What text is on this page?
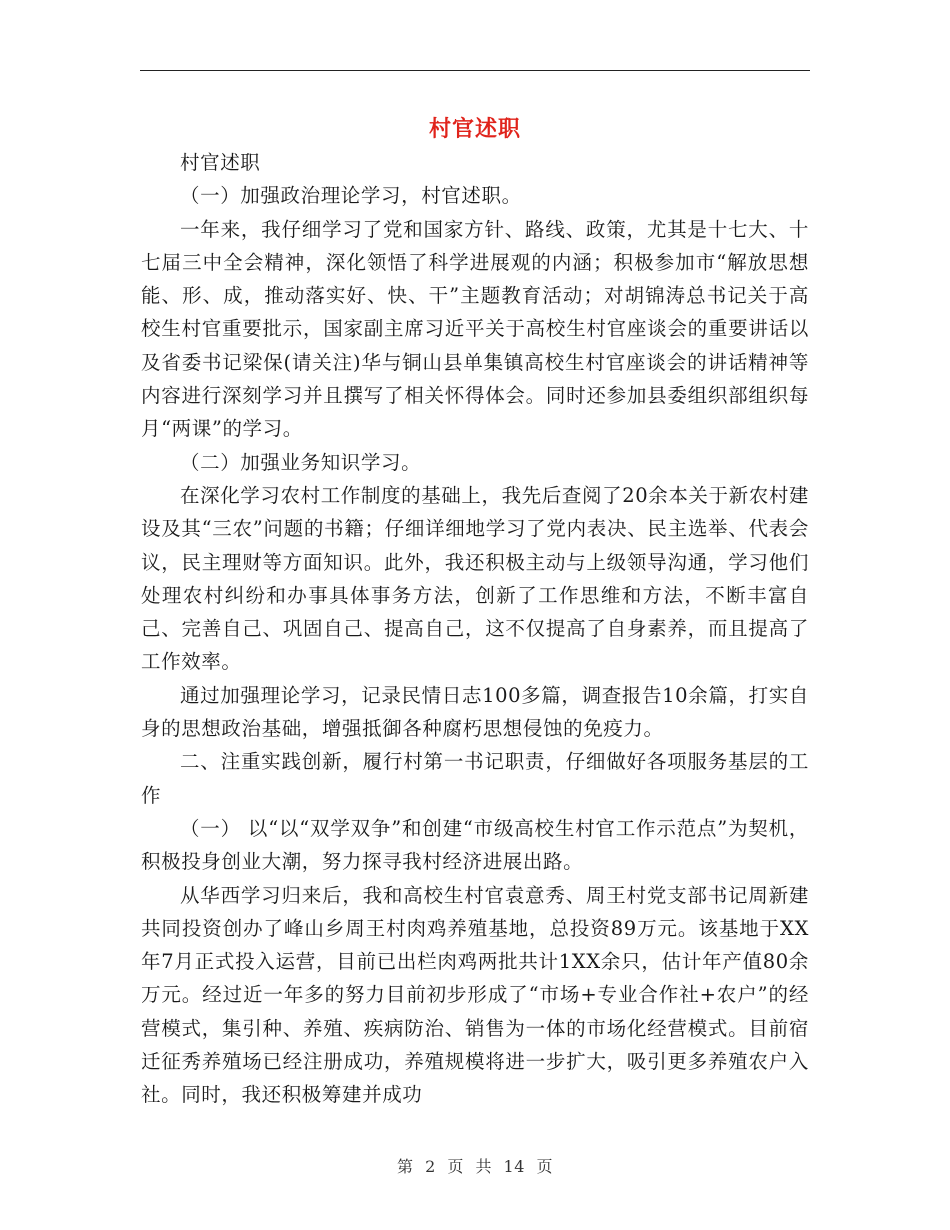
村官述职

村官述职

（一）加强政治理论学习，村官述职。

一年来，我仔细学习了党和国家方针、路线、政策，尤其是十七大、十七届三中全会精神，深化领悟了科学进展观的内涵；积极参加市“解放思想能、形、成，推动落实好、快、干”主题教育活动；对胡锦涛总书记关于高校生村官重要批示，国家副主席习近平关于高校生村官座谈会的重要讲话以及省委书记梁保(请关注)华与铜山县单集镇高校生村官座谈会的讲话精神等内容进行深刻学习并且撰写了相关怀得体会。同时还参加县委组织部组织每月“两课”的学习。

（二）加强业务知识学习。

在深化学习农村工作制度的基础上，我先后查阅了20余本关于新农村建设及其“三农”问题的书籍；仔细详细地学习了党内表决、民主选举、代表会议，民主理财等方面知识。此外，我还积极主动与上级领导沟通，学习他们处理农村纠纷和办事具体事务方法，创新了工作思维和方法，不断丰富自己、完善自己、巩固自己、提高自己，这不仅提高了自身素养，而且提高了工作效率。

通过加强理论学习，记录民情日志100多篇，调查报告10余篇，打实自身的思想政治基础，增强抵御各种腐朽思想侵蚀的免疫力。

二、注重实践创新，履行村第一书记职责，仔细做好各项服务基层的工作

（一） 以“以“双学双争”和创建“市级高校生村官工作示范点”为契机，积极投身创业大潮，努力探寻我村经济进展出路。

从华西学习归来后，我和高校生村官袁意秀、周王村党支部书记周新建共同投资创办了峰山乡周王村肉鸡养殖基地，总投资89万元。该基地于XX年7月正式投入运营，目前已出栏肉鸡两批共计1XX余只，估计年产值80余万元。经过近一年多的努力目前初步形成了“市场+专业合作社+农户”的经营模式，集引种、养殖、疾病防治、销售为一体的市场化经营模式。目前宿迁征秀养殖场已经注册成功，养殖规模将进一步扩大，吸引更多养殖农户入社。同时，我还积极筹建并成功

第 2 页 共 14 页
